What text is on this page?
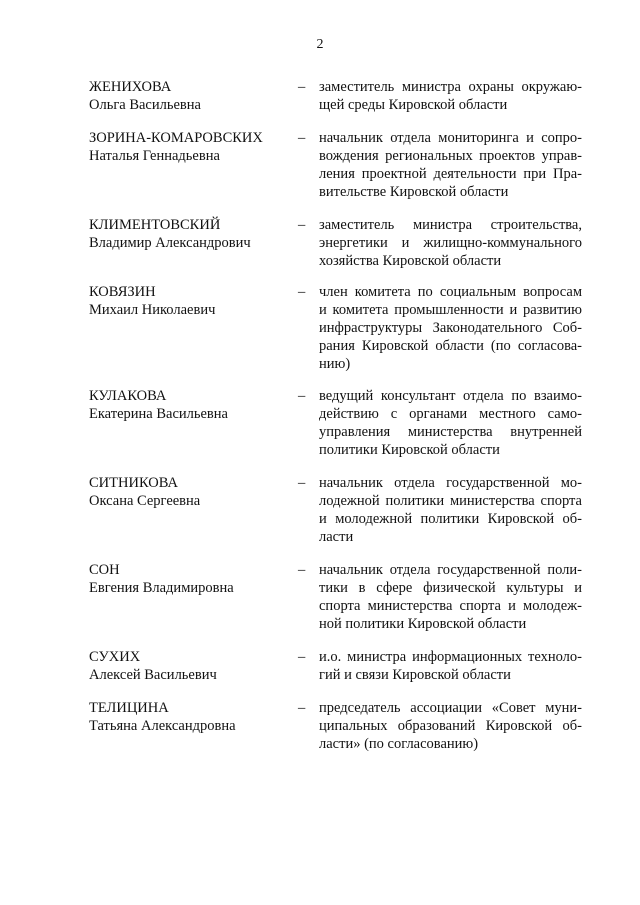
2
ЖЕНИХОВА
Ольга Васильевна
– заместитель министра охраны окружаю-
щей среды Кировской области
ЗОРИНА-КОМАРОВСКИХ
Наталья Геннадьевна
– начальник отдела мониторинга и сопро-
вождения региональных проектов управ-
ления проектной деятельности при Пра-
вительстве Кировской области
КЛИМЕНТОВСКИЙ
Владимир Александрович
– заместитель министра строительства,
энергетики и жилищно-коммунального
хозяйства Кировской области
КОВЯЗИН
Михаил Николаевич
– член комитета по социальным вопросам
и комитета промышленности и развитию
инфраструктуры Законодательного Соб-
рания Кировской области (по согласова-
нию)
КУЛАКОВА
Екатерина Васильевна
– ведущий консультант отдела по взаимо-
действию с органами местного само-
управления министерства внутренней
политики Кировской области
СИТНИКОВА
Оксана Сергеевна
– начальник отдела государственной мо-
лодежной политики министерства спорта
и молодежной политики Кировской об-
ласти
СОН
Евгения Владимировна
– начальник отдела государственной поли-
тики в сфере физической культуры и
спорта министерства спорта и молодеж-
ной политики Кировской области
СУХИХ
Алексей Васильевич
– и.о. министра информационных техноло-
гий и связи Кировской области
ТЕЛИЦИНА
Татьяна Александровна
– председатель ассоциации «Совет муни-
ципальных образований Кировской об-
ласти» (по согласованию)
